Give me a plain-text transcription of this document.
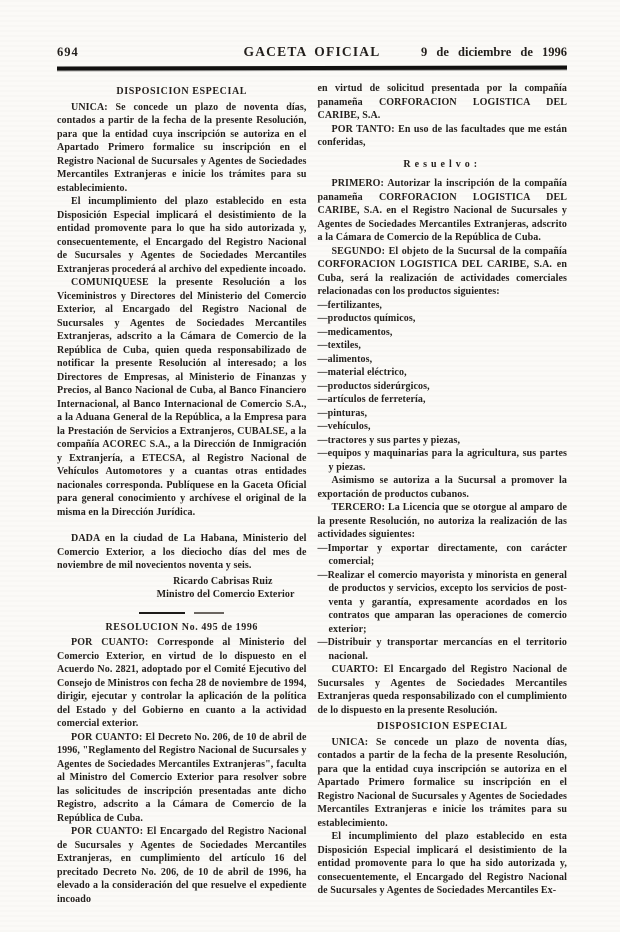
694	GACETA OFICIAL	9 de diciembre de 1996
DISPOSICION ESPECIAL
UNICA: Se concede un plazo de noventa días, contados a partir de la fecha de la presente Resolución, para que la entidad cuya inscripción se autoriza en el Apartado Primero formalice su inscripción en el Registro Nacional de Sucursales y Agentes de Sociedades Mercantiles Extranjeras e inicie los trámites para su establecimiento.
El incumplimiento del plazo establecido en esta Disposición Especial implicará el desistimiento de la entidad promovente para lo que ha sido autorizada y, consecuentemente, el Encargado del Registro Nacional de Sucursales y Agentes de Sociedades Mercantiles Extranjeras procederá al archivo del expediente incoado.
COMUNIQUESE la presente Resolución a los Viceministros y Directores del Ministerio del Comercio Exterior, al Encargado del Registro Nacional de Sucursales y Agentes de Sociedades Mercantiles Extranjeras, adscrito a la Cámara de Comercio de la República de Cuba, quien queda responsabilizado de notificar la presente Resolución al interesado; a los Directores de Empresas, al Ministerio de Finanzas y Precios, al Banco Nacional de Cuba, al Banco Financiero Internacional, al Banco Internacional de Comercio S.A., a la Aduana General de la República, a la Empresa para la Prestación de Servicios a Extranjeros, CUBALSE, a la compañía ACOREC S.A., a la Dirección de Inmigración y Extranjería, a ETECSA, al Registro Nacional de Vehículos Automotores y a cuantas otras entidades nacionales corresponda. Publíquese en la Gaceta Oficial para general conocimiento y archívese el original de la misma en la Dirección Jurídica.
DADA en la ciudad de La Habana, Ministerio del Comercio Exterior, a los dieciocho días del mes de noviembre de mil novecientos noventa y seis.
Ricardo Cabrisas Ruiz
Ministro del Comercio Exterior
RESOLUCION No. 495 de 1996
POR CUANTO: Corresponde al Ministerio del Comercio Exterior, en virtud de lo dispuesto en el Acuerdo No. 2821, adoptado por el Comité Ejecutivo del Consejo de Ministros con fecha 28 de noviembre de 1994, dirigir, ejecutar y controlar la aplicación de la política del Estado y del Gobierno en cuanto a la actividad comercial exterior.
POR CUANTO: El Decreto No. 206, de 10 de abril de 1996, "Reglamento del Registro Nacional de Sucursales y Agentes de Sociedades Mercantiles Extranjeras", faculta al Ministro del Comercio Exterior para resolver sobre las solicitudes de inscripción presentadas ante dicho Registro, adscrito a la Cámara de Comercio de la República de Cuba.
POR CUANTO: El Encargado del Registro Nacional de Sucursales y Agentes de Sociedades Mercantiles Extranjeras, en cumplimiento del artículo 16 del precitado Decreto No. 206, de 10 de abril de 1996, ha elevado a la consideración del que resuelve el expediente incoado
en virtud de solicitud presentada por la compañía panameña CORFORACION LOGISTICA DEL CARIBE, S.A.
POR TANTO: En uso de las facultades que me están conferidas,
Resuelvo:
PRIMERO: Autorizar la inscripción de la compañía panameña CORFORACION LOGISTICA DEL CARIBE, S.A. en el Registro Nacional de Sucursales y Agentes de Sociedades Mercantiles Extranjeras, adscrito a la Cámara de Comercio de la República de Cuba.
SEGUNDO: El objeto de la Sucursal de la compañía CORFORACION LOGISTICA DEL CARIBE, S.A. en Cuba, será la realización de actividades comerciales relacionadas con los productos siguientes:
—fertilizantes,
—productos químicos,
—medicamentos,
—textiles,
—alimentos,
—material eléctrico,
—productos siderúrgicos,
—artículos de ferretería,
—pinturas,
—vehículos,
—tractores y sus partes y piezas,
—equipos y maquinarias para la agricultura, sus partes y piezas.
Asimismo se autoriza a la Sucursal a promover la exportación de productos cubanos.
TERCERO: La Licencia que se otorgue al amparo de la presente Resolución, no autoriza la realización de las actividades siguientes:
—Importar y exportar directamente, con carácter comercial;
—Realizar el comercio mayorista y minorista en general de productos y servicios, excepto los servicios de post-venta y garantía, expresamente acordados en los contratos que amparan las operaciones de comercio exterior;
—Distribuir y transportar mercancías en el territorio nacional.
CUARTO: El Encargado del Registro Nacional de Sucursales y Agentes de Sociedades Mercantiles Extranjeras queda responsabilizado con el cumplimiento de lo dispuesto en la presente Resolución.
DISPOSICION ESPECIAL
UNICA: Se concede un plazo de noventa días, contados a partir de la fecha de la presente Resolución, para que la entidad cuya inscripción se autoriza en el Apartado Primero formalice su inscripción en el Registro Nacional de Sucursales y Agentes de Sociedades Mercantiles Extranjeras e inicie los trámites para su establecimiento.
El incumplimiento del plazo establecido en esta Disposición Especial implicará el desistimiento de la entidad promovente para lo que ha sido autorizada y, consecuentemente, el Encargado del Registro Nacional de Sucursales y Agentes de Sociedades Mercantiles Ex-
